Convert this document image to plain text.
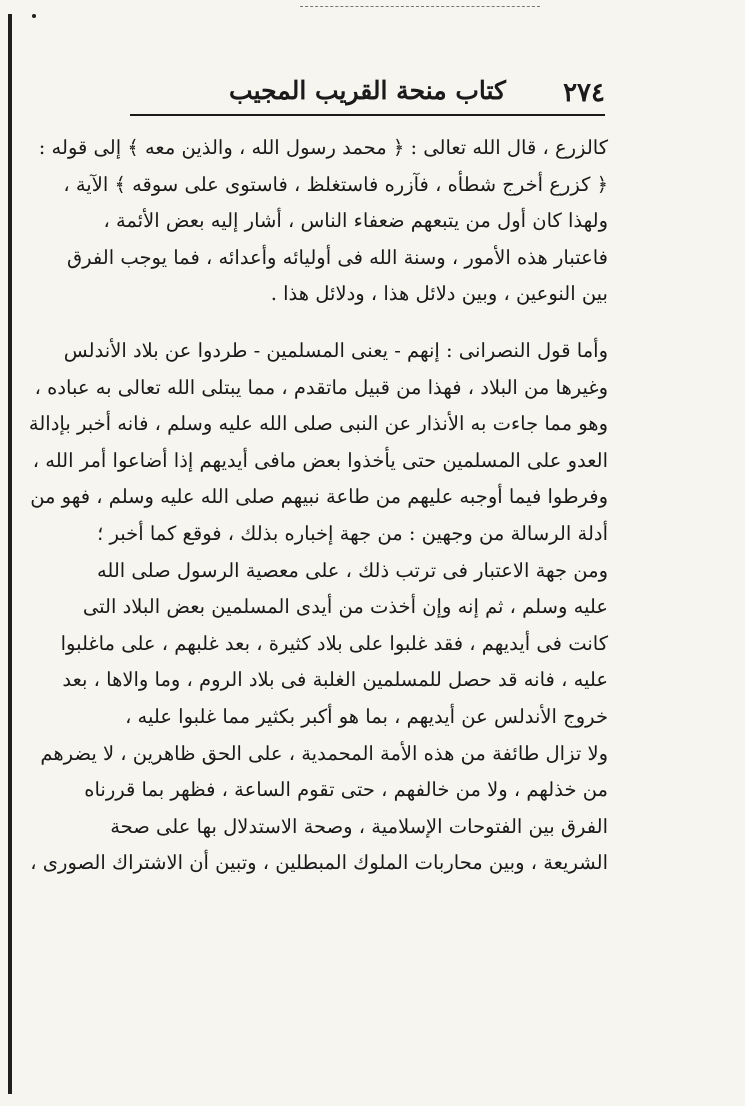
٢٧٤
كتاب منحة القريب المجيب
كالزرع ، قال الله تعالى : ﴿ محمد رسول الله ، والذين معه ﴾ إلى قوله :
﴿ كزرع أخرج شطأه ، فآزره فاستغلظ ، فاستوى على سوقه ﴾ الآية ،
ولهذا كان أول من يتبعهم ضعفاء الناس ، أشار إليه بعض الأئمة ،
فاعتبار هذه الأمور ، وسنة الله فى أوليائه وأعدائه ، فما يوجب الفرق
بين النوعين ، وبين دلائل هذا ، ودلائل هذا .
وأما قول النصرانى : إنهم - يعنى المسلمين - طردوا عن بلاد الأندلس
وغيرها من البلاد ، فهذا من قبيل ماتقدم ، مما يبتلى الله تعالى به عباده ،
وهو مما جاءت به الأنذار عن النبى صلى الله عليه وسلم ، فانه أخبر بإدالة
العدو على المسلمين حتى يأخذوا بعض مافى أيديهم إذا أضاعوا أمر الله ،
وفرطوا فيما أوجبه عليهم من طاعة نبيهم صلى الله عليه وسلم ، فهو من
أدلة الرسالة من وجهين : من جهة إخباره بذلك ، فوقع كما أخبر ؛
ومن جهة الاعتبار فى ترتب ذلك ، على معصية الرسول صلى الله
عليه وسلم ، ثم إنه وإن أخذت من أيدى المسلمين بعض البلاد التى
كانت فى أيديهم ، فقد غلبوا على بلاد كثيرة ، بعد غلبهم ، على ماغلبوا
عليه ، فانه قد حصل للمسلمين الغلبة فى بلاد الروم ، وما والاها ، بعد
خروج الأندلس عن أيديهم ، بما هو أكبر بكثير مما غلبوا عليه ،
ولا تزال طائفة من هذه الأمة المحمدية ، على الحق ظاهرين ، لا يضرهم
من خذلهم ، ولا من خالفهم ، حتى تقوم الساعة ، فظهر بما قررناه
الفرق بين الفتوحات الإسلامية ، وصحة الاستدلال بها على صحة
الشريعة ، وبين محاربات الملوك المبطلين ، وتبين أن الاشتراك الصورى ،
